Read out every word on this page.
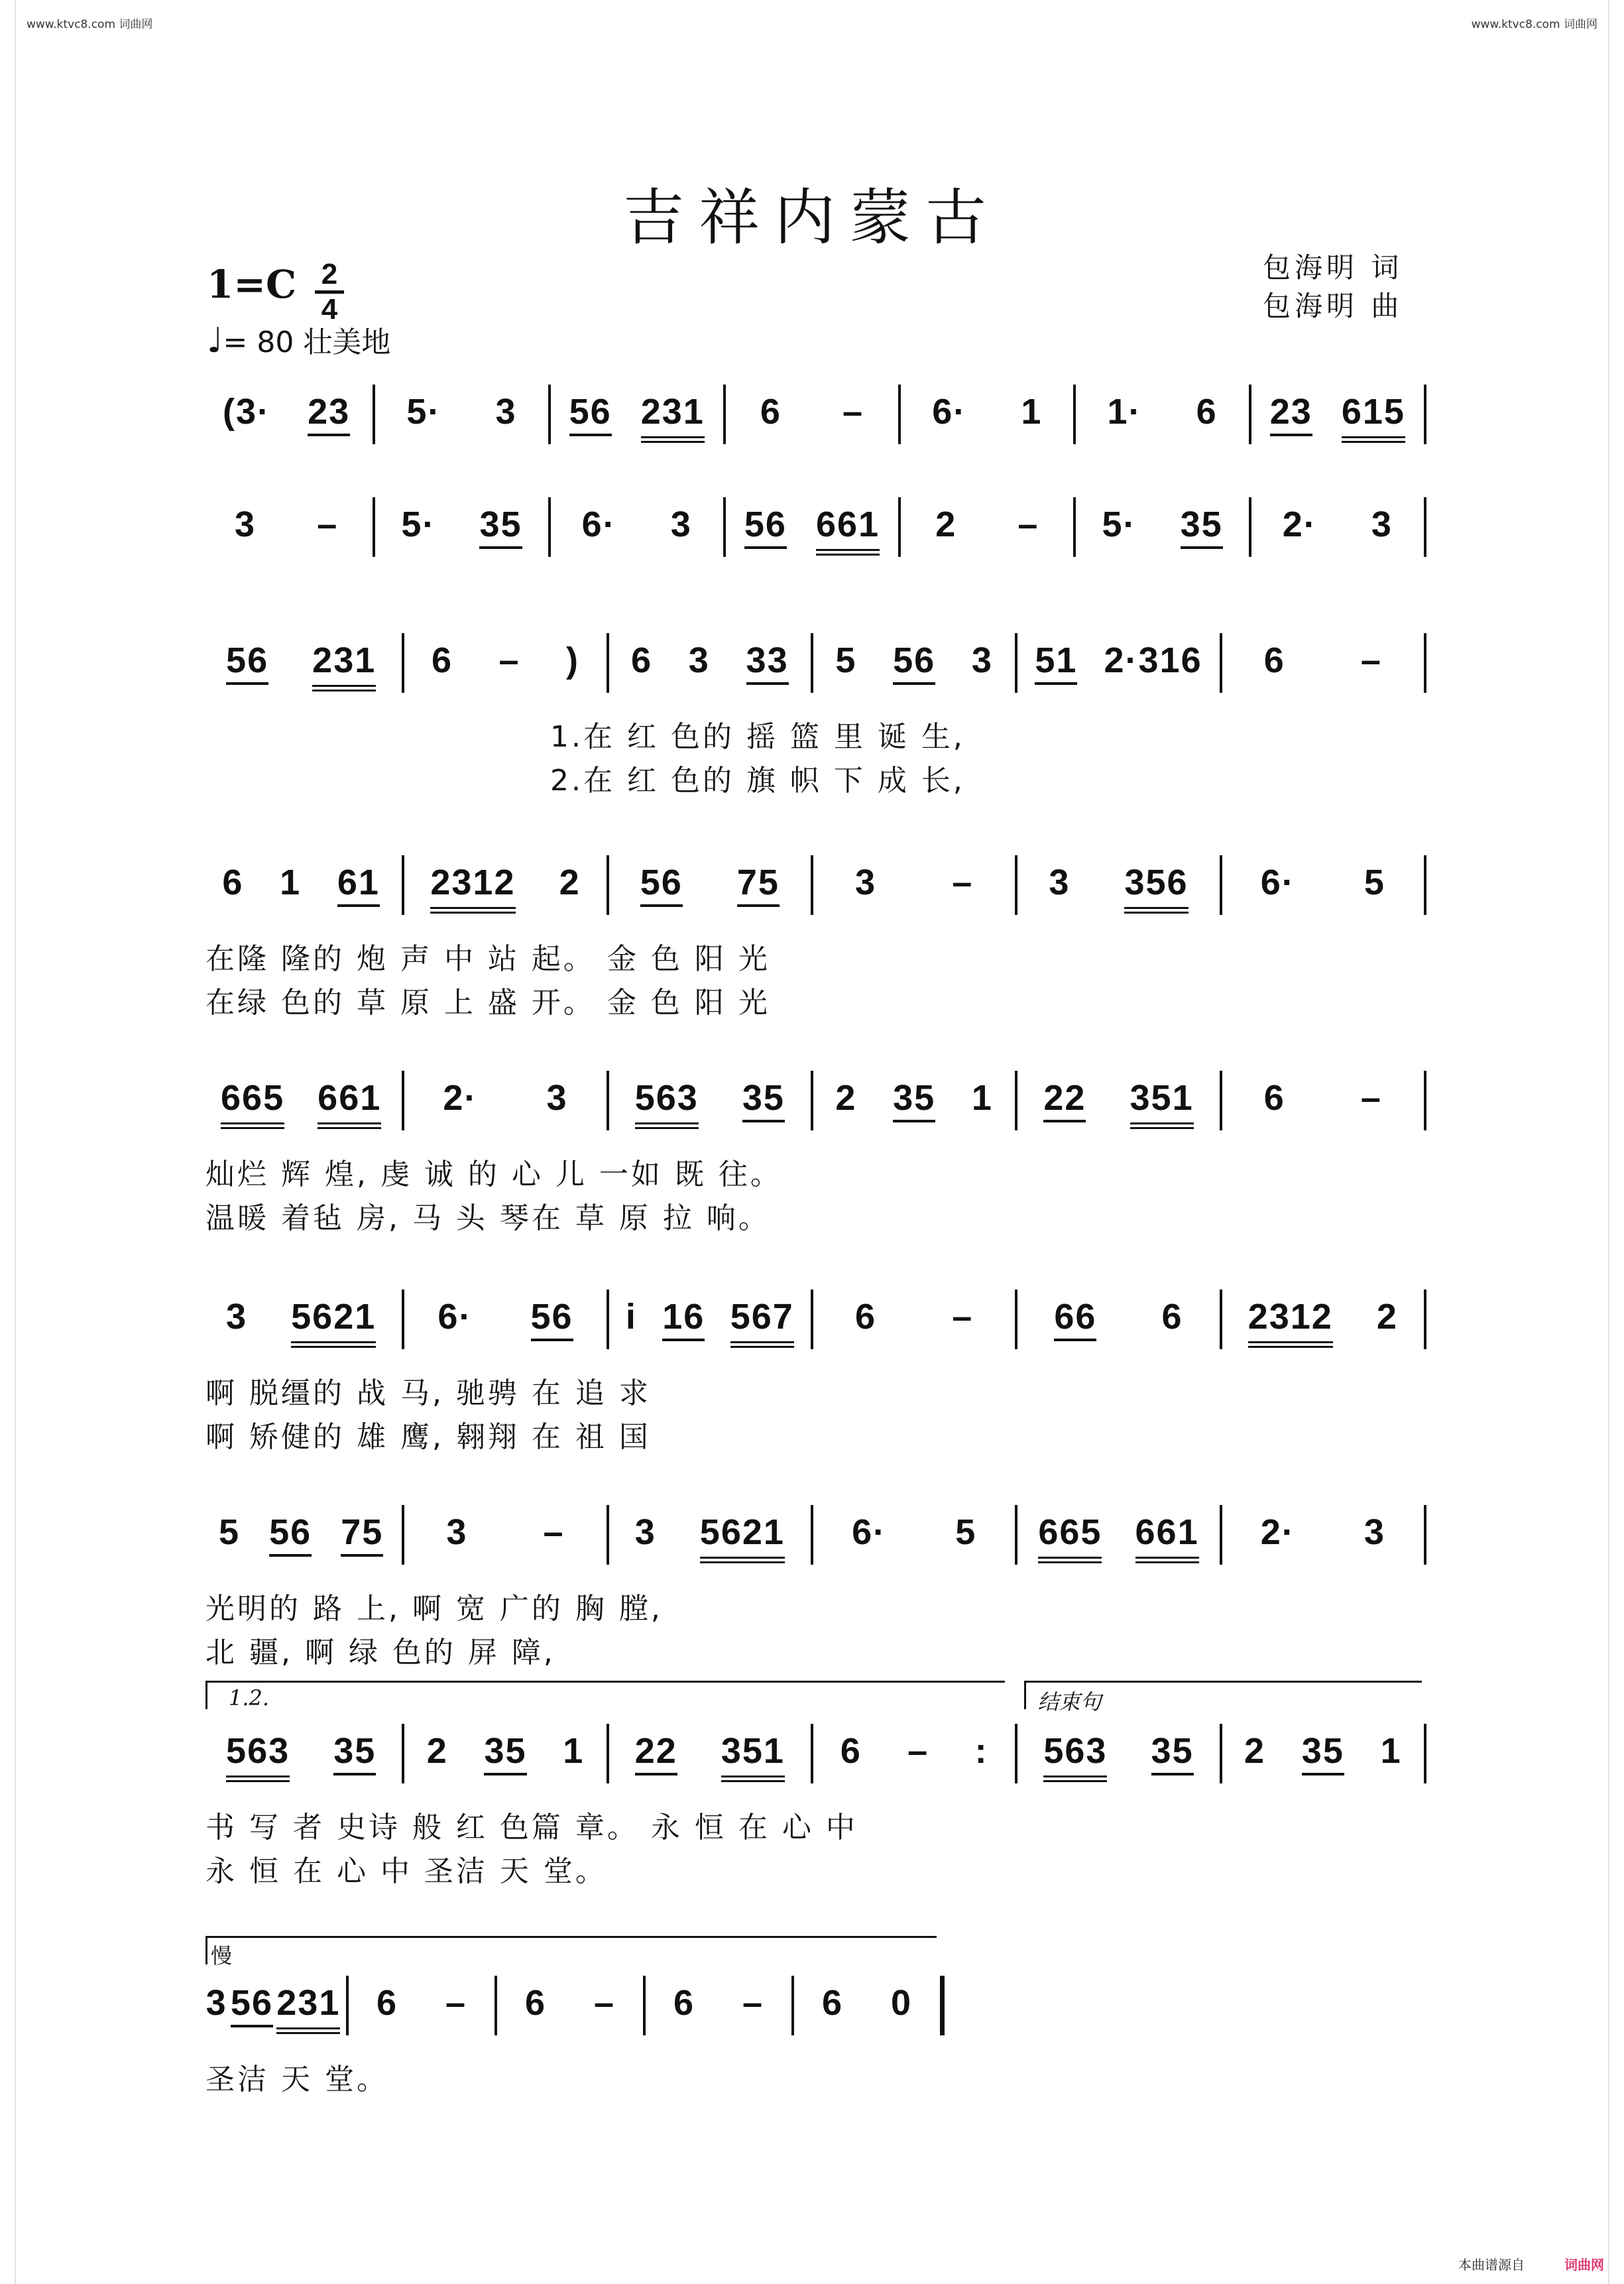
www.ktvc8.com 词曲网	www.ktvc8.com 词曲网
吉祥内蒙古
1=C 2
4
♩= 80 壮美地
包海明 词
包海明 曲
(3· 23 5· 3 56 231 6 – 6· 1 1· 6 23 615
3 – 5· 35 6· 3 56 661 2 – 5· 35 2· 3
56 231 6 – ) 6 3 33 5 56 3 51 2·316 6 –
1.在 红 色的 摇 篮 里 诞 生,
2.在 红 色的 旗 帜 下 成 长,
6 1 61 2312 2 56 75 3 – 3 356 6· 5
在隆 隆的 炮 声 中 站 起。 金 色 阳 光
在绿 色的 草 原 上 盛 开。 金 色 阳 光
665 661 2· 3 563 35 2 35 1 22 351 6 –
灿烂 辉 煌, 虔 诚 的 心 儿 一如 既 往。
温暖 着毡 房, 马 头 琴在 草 原 拉 响。
3 5621 6· 56 i 16 567 6 – 66 6 2312 2
啊 脱缰的 战 马, 驰骋 在 追 求
啊 矫健的 雄 鹰, 翱翔 在 祖 国
5 56 75 3 – 3 5621 6· 5 665 661 2· 3
光明的 路 上, 啊 宽 广的 胸 膛,
北 疆, 啊 绿 色的 屏 障,
563 35 2 35 1 22 351 6 – : 563 35 2 35 1
1.2.	结束句
书 写 者 史诗 般 红 色篇 章。 永 恒 在 心 中
永 恒 在 心 中 圣洁 天 堂。
3 56 231 6 – 6 – 6 – 6 0
慢
圣洁 天 堂。
本曲谱源自	词曲网
